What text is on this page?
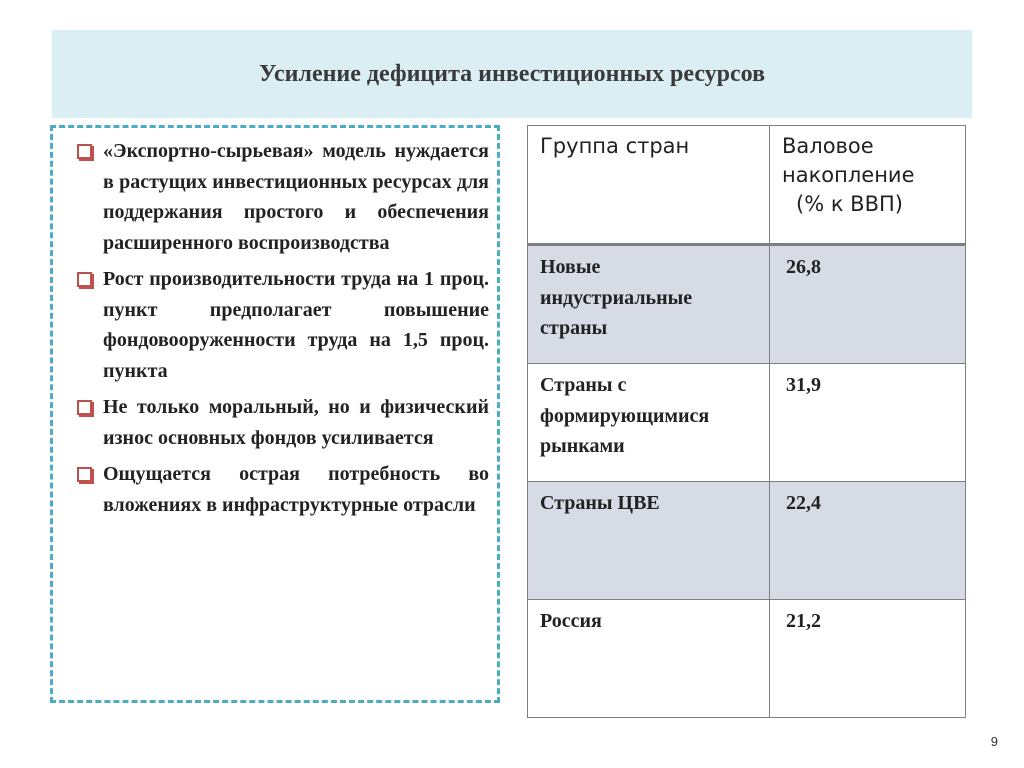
Усиление дефицита инвестиционных ресурсов
«Экспортно-сырьевая» модель нуждается в растущих инвестиционных ресурсах для поддержания простого и обеспечения расширенного воспроизводства
Рост производительности труда на 1 проц. пункт предполагает повышение фондовооруженности труда на 1,5 проц. пункта
Не только моральный, но и физический износ основных фондов усиливается
Ощущается острая потребность во вложениях в инфраструктурные отрасли
Группа стран	Валовое накопление
(% к ВВП)

Новые индустриальные страны	26,8
Страны с формирующимися рынками	31,9
Страны ЦВЕ	22,4
Россия	21,2
9
